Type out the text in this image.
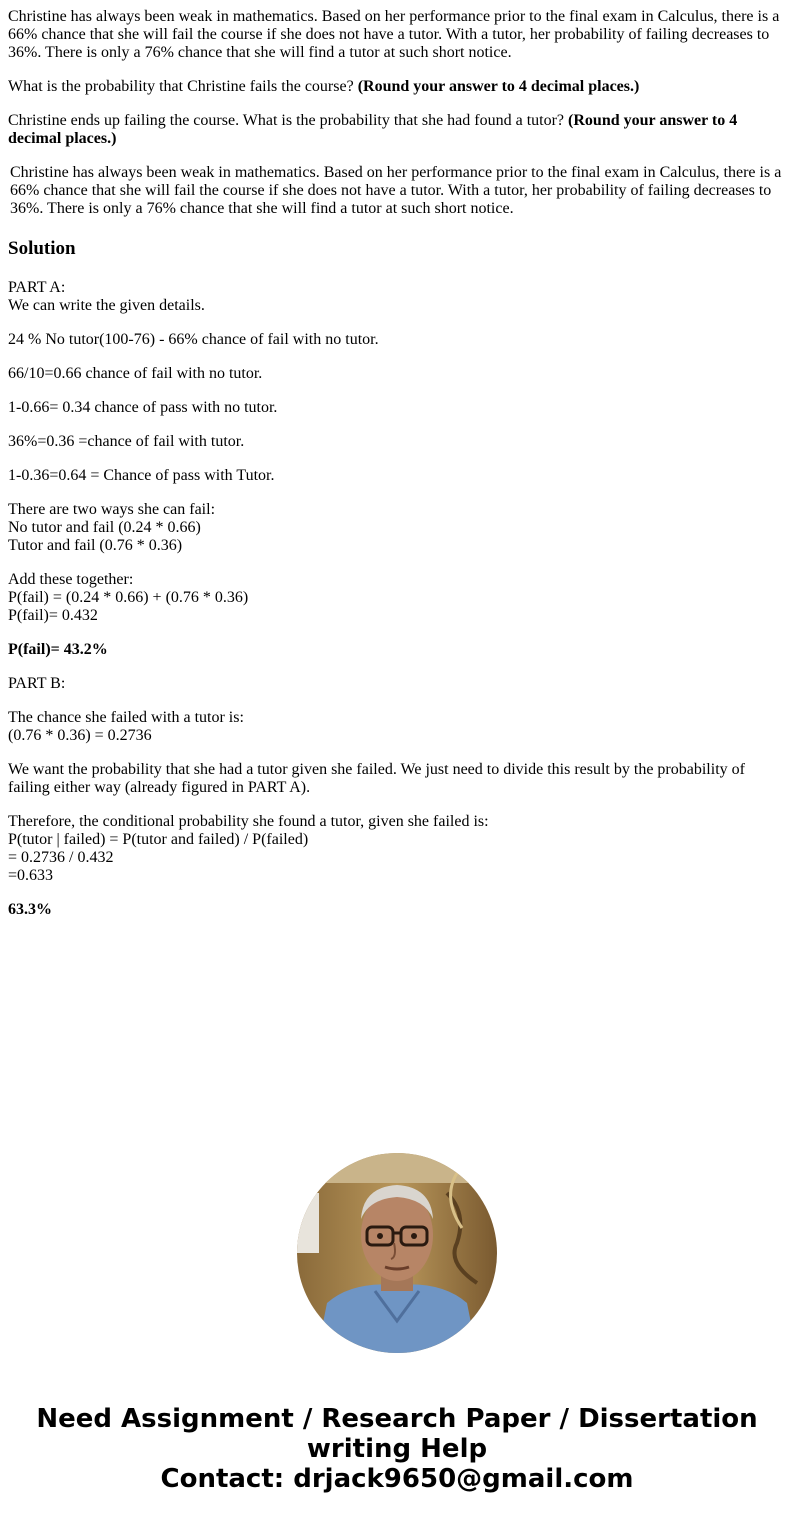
Christine has always been weak in mathematics. Based on her performance prior to the final exam in Calculus, there is a 66% chance that she will fail the course if she does not have a tutor. With a tutor, her probability of failing decreases to 36%. There is only a 76% chance that she will find a tutor at such short notice.

What is the probability that Christine fails the course? (Round your answer to 4 decimal places.)

Christine ends up failing the course. What is the probability that she had found a tutor? (Round your answer to 4 decimal places.)

Christine has always been weak in mathematics. Based on her performance prior to the final exam in Calculus, there is a 66% chance that she will fail the course if she does not have a tutor. With a tutor, her probability of failing decreases to 36%. There is only a 76% chance that she will find a tutor at such short notice.

Solution

PART A:
We can write the given details.

24 % No tutor(100-76) - 66% chance of fail with no tutor.

66/10=0.66 chance of fail with no tutor.

1-0.66= 0.34 chance of pass with no tutor.

36%=0.36 =chance of fail with tutor.

1-0.36=0.64 = Chance of pass with Tutor.

There are two ways she can fail:
No tutor and fail (0.24 * 0.66)
Tutor and fail (0.76 * 0.36)

Add these together:
P(fail) = (0.24 * 0.66) + (0.76 * 0.36)
P(fail)= 0.432

P(fail)= 43.2%

PART B:

The chance she failed with a tutor is:
(0.76 * 0.36) = 0.2736

We want the probability that she had a tutor given she failed. We just need to divide this result by the probability of failing either way (already figured in PART A).

Therefore, the conditional probability she found a tutor, given she failed is:
P(tutor | failed) = P(tutor and failed) / P(failed)
= 0.2736 / 0.432
=0.633

63.3%

Need Assignment / Research Paper / Dissertation
writing Help
Contact: drjack9650@gmail.com
